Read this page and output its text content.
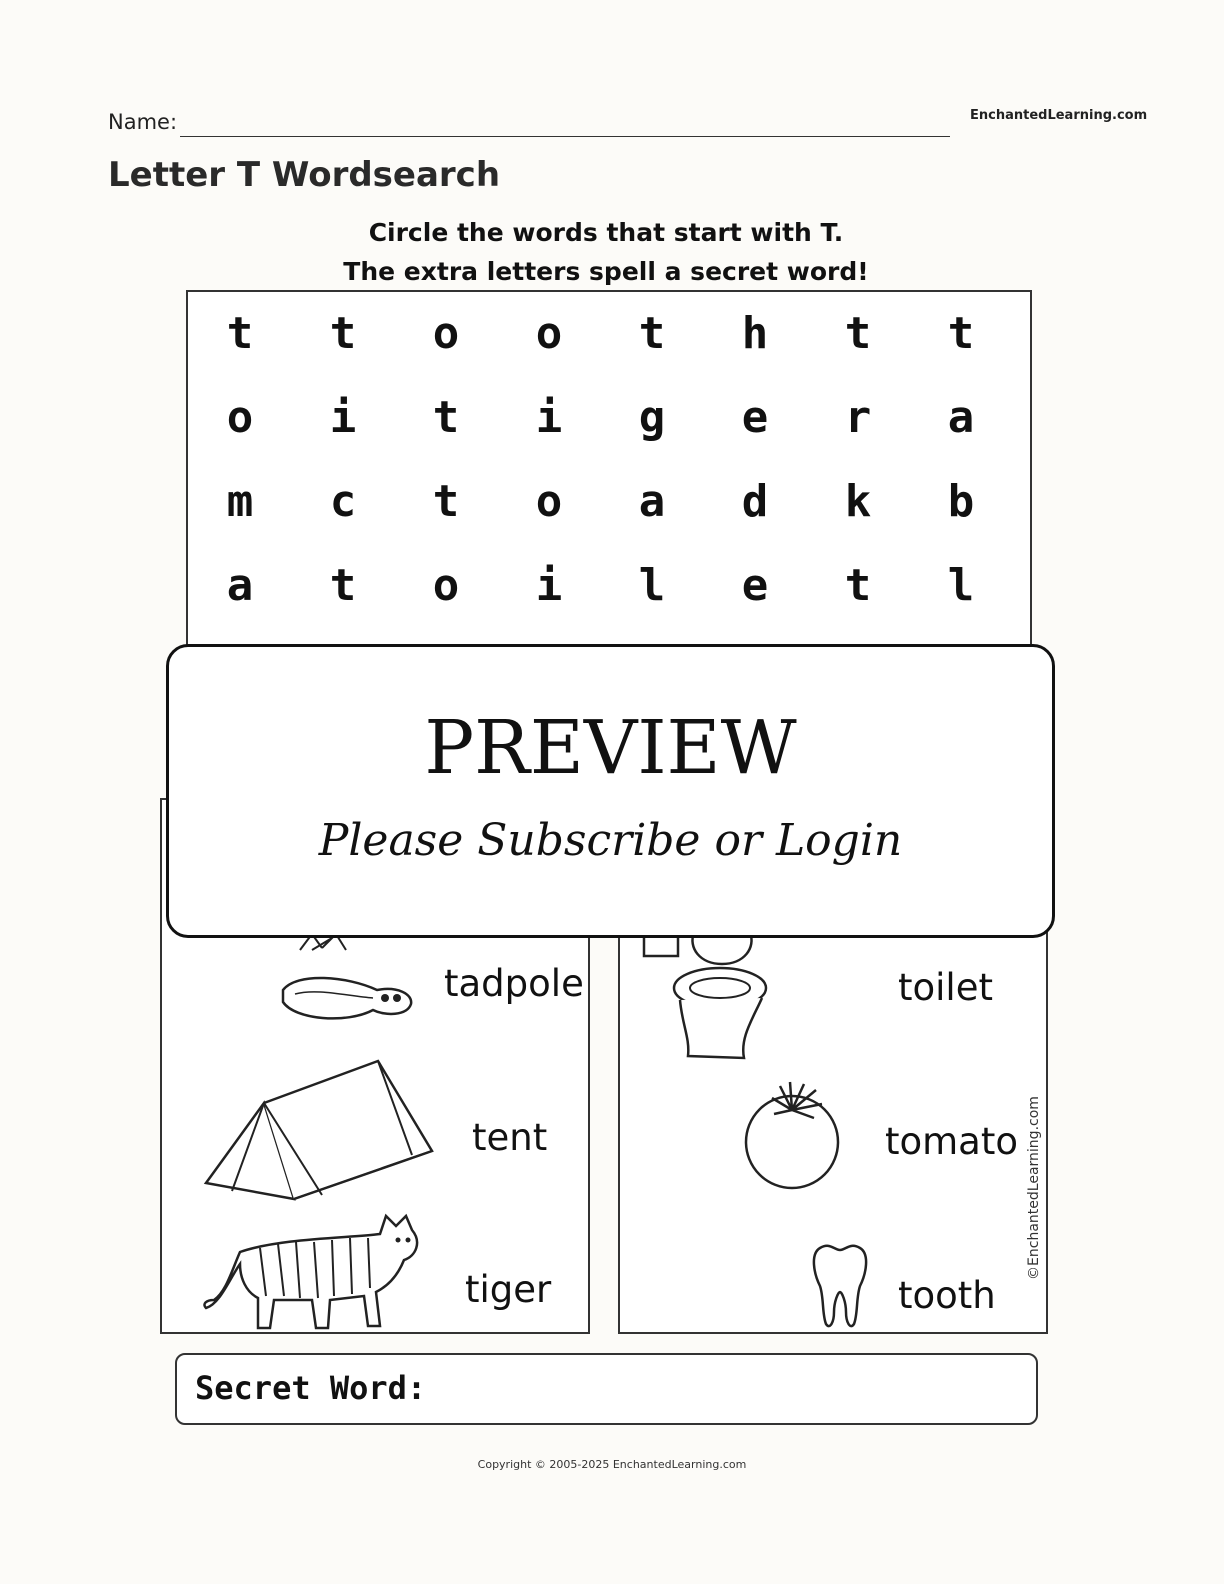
Name:	EnchantedLearning.com
Letter T Wordsearch
Circle the words that start with T.
The extra letters spell a secret word!
t	t	o	o	t	h	t	t
o	i	t	i	g	e	r	a
m	c	t	o	a	d	k	b
a	t	o	i	l	e	t	l
tadpole
tent
tiger
toilet
tomato
tooth
©EnchantedLearning.com
PREVIEW
Please Subscribe or Login
Secret Word:
Copyright © 2005-2025 EnchantedLearning.com
